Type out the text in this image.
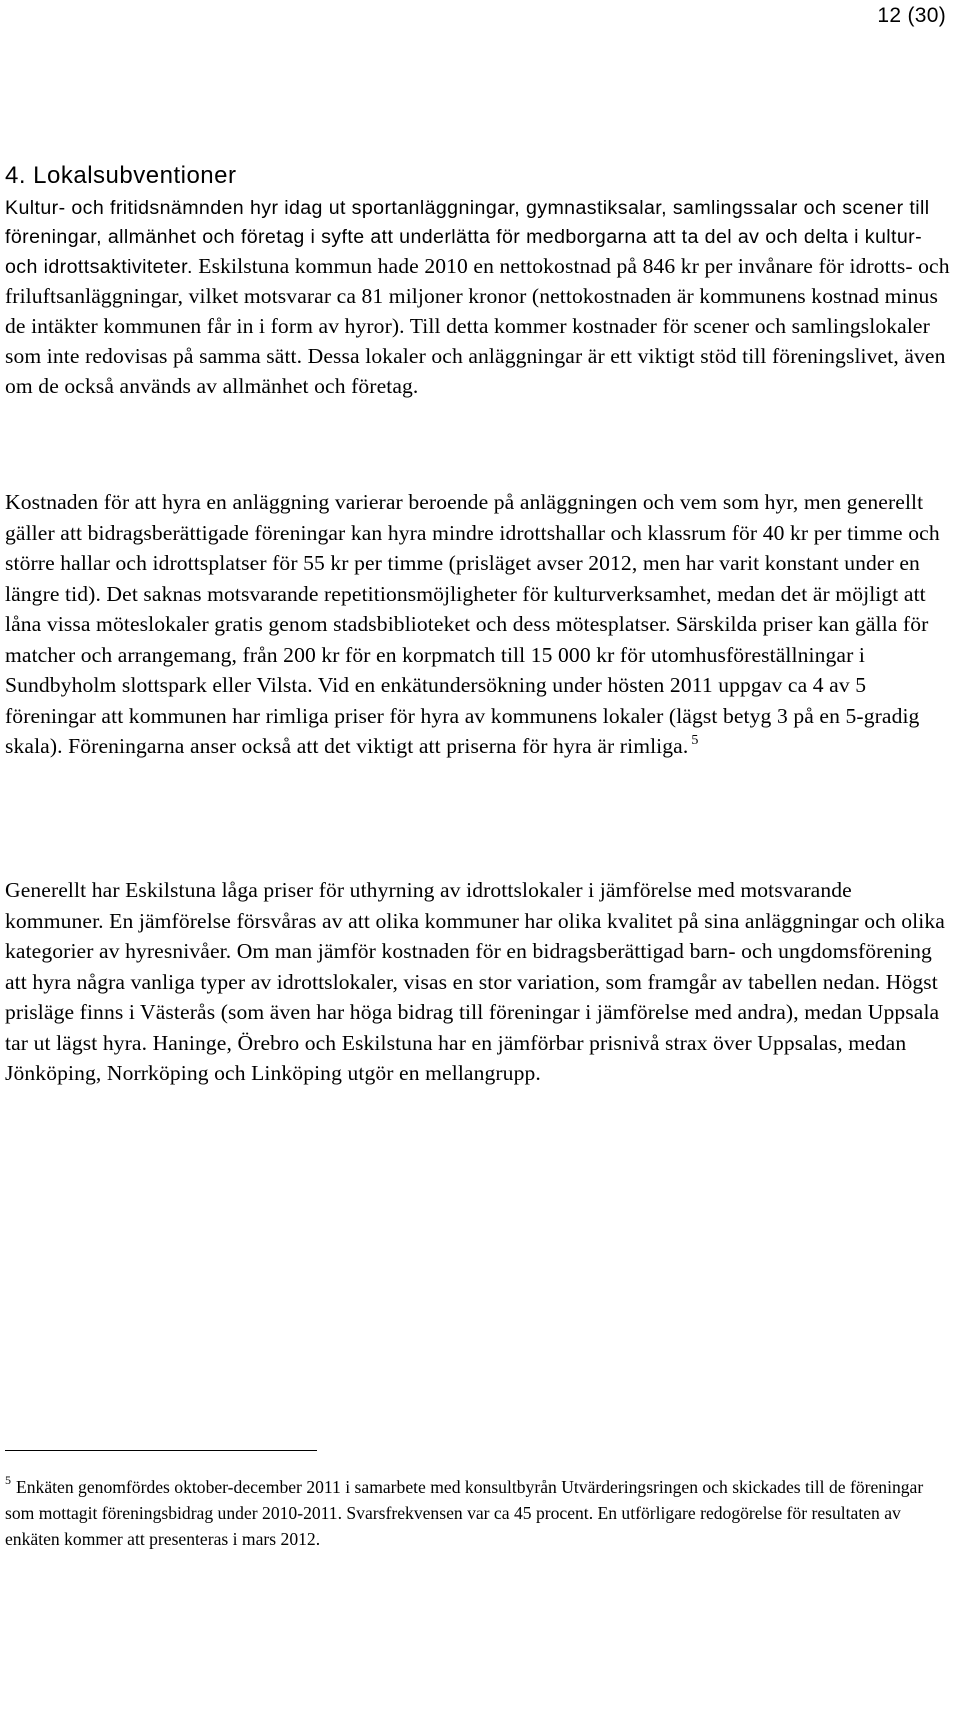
12 (30)
4. Lokalsubventioner

Kultur- och fritidsnämnden hyr idag ut sportanläggningar, gymnastiksalar, samlingssalar och scener till föreningar, allmänhet och företag i syfte att underlätta för medborgarna att ta del av och delta i kultur- och idrottsaktiviteter. Eskilstuna kommun hade 2010 en nettokostnad på 846 kr per invånare för idrotts- och friluftsanläggningar, vilket motsvarar ca 81 miljoner kronor (nettokostnaden är kommunens kostnad minus de intäkter kommunen får in i form av hyror). Till detta kommer kostnader för scener och samlingslokaler som inte redovisas på samma sätt. Dessa lokaler och anläggningar är ett viktigt stöd till föreningslivet, även om de också används av allmänhet och företag.

Kostnaden för att hyra en anläggning varierar beroende på anläggningen och vem som hyr, men generellt gäller att bidragsberättigade föreningar kan hyra mindre idrottshallar och klassrum för 40 kr per timme och större hallar och idrottsplatser för 55 kr per timme (prisläget avser 2012, men har varit konstant under en längre tid). Det saknas motsvarande repetitionsmöjligheter för kulturverksamhet, medan det är möjligt att låna vissa möteslokaler gratis genom stadsbiblioteket och dess mötesplatser. Särskilda priser kan gälla för matcher och arrangemang, från 200 kr för en korpmatch till 15 000 kr för utomhusföreställningar i Sundbyholm slottspark eller Vilsta. Vid en enkätundersökning under hösten 2011 uppgav ca 4 av 5 föreningar att kommunen har rimliga priser för hyra av kommunens lokaler (lägst betyg 3 på en 5-gradig skala). Föreningarna anser också att det viktigt att priserna för hyra är rimliga. $^5$

Generellt har Eskilstuna låga priser för uthyrning av idrottslokaler i jämförelse med motsvarande kommuner. En jämförelse försvåras av att olika kommuner har olika kvalitet på sina anläggningar och olika kategorier av hyresnivåer. Om man jämför kostnaden för en bidragsberättigad barn- och ungdomsförening att hyra några vanliga typer av idrottslokaler, visas en stor variation, som framgår av tabellen nedan. Högst prisläge finns i Västerås (som även har höga bidrag till föreningar i jämförelse med andra), medan Uppsala tar ut lägst hyra. Haninge, Örebro och Eskilstuna har en jämförbar prisnivå strax över Uppsalas, medan Jönköping, Norrköping och Linköping utgör en mellangrupp.

$^5$ Enkäten genomfördes oktober-december 2011 i samarbete med konsultbyrån Utvärderingsringen och skickades till de föreningar som mottagit föreningsbidrag under 2010-2011. Svarsfrekvensen var ca 45 procent. En utförligare redogörelse för resultaten av enkäten kommer att presenteras i mars 2012.
